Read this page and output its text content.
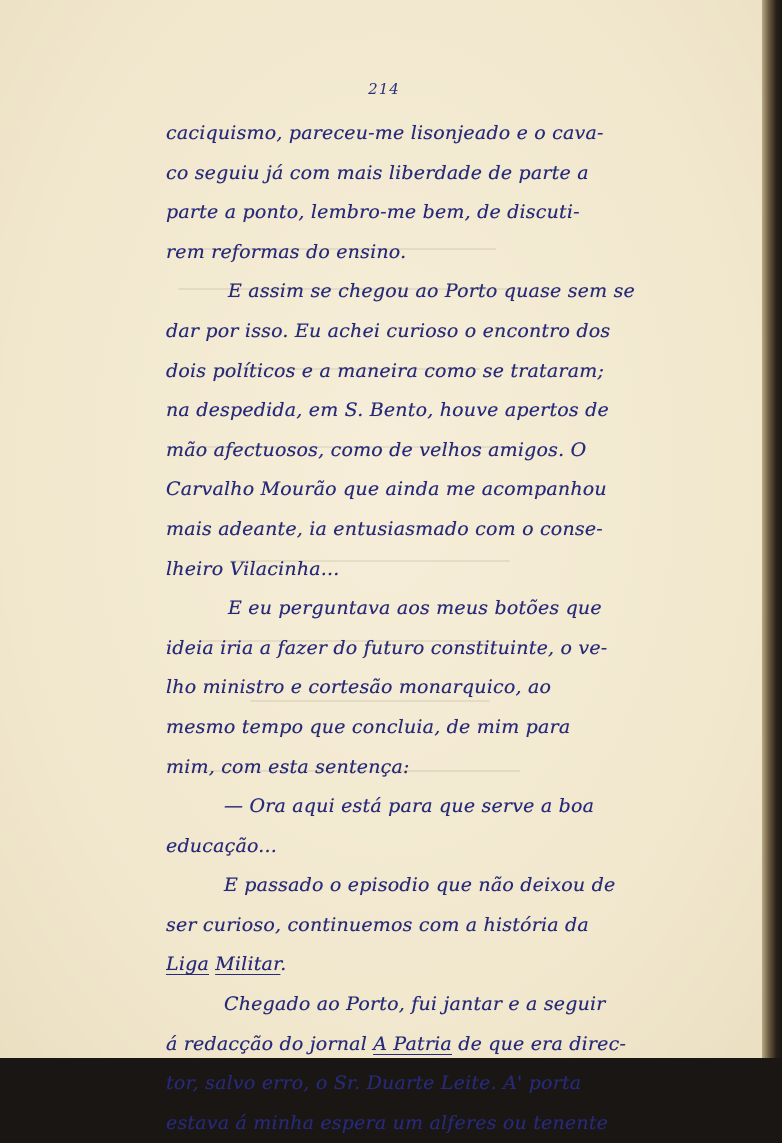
214
caciquismo, pareceu-me lisonjeado e o cava-
co seguiu já com mais liberdade de parte a
parte a ponto, lembro-me bem, de discuti-
rem reformas do ensino.
E assim se chegou ao Porto quase sem se
dar por isso. Eu achei curioso o encontro dos
dois políticos e a maneira como se trataram;
na despedida, em S. Bento, houve apertos de
mão afectuosos, como de velhos amigos. O
Carvalho Mourão que ainda me acompanhou
mais adeante, ia entusiasmado com o conse-
lheiro Vilacinha...
E eu perguntava aos meus botões que
ideia iria a fazer do futuro constituinte, o ve-
lho ministro e cortesão monarquico, ao
mesmo tempo que concluia, de mim para
mim, com esta sentença:
— Ora aqui está para que serve a boa
educação...
E passado o episodio que não deixou de
ser curioso, continuemos com a história da
Liga Militar.
Chegado ao Porto, fui jantar e a seguir
á redacção do jornal A Patria de que era direc-
tor, salvo erro, o Sr. Duarte Leite. A' porta
estava á minha espera um alferes ou tenente
